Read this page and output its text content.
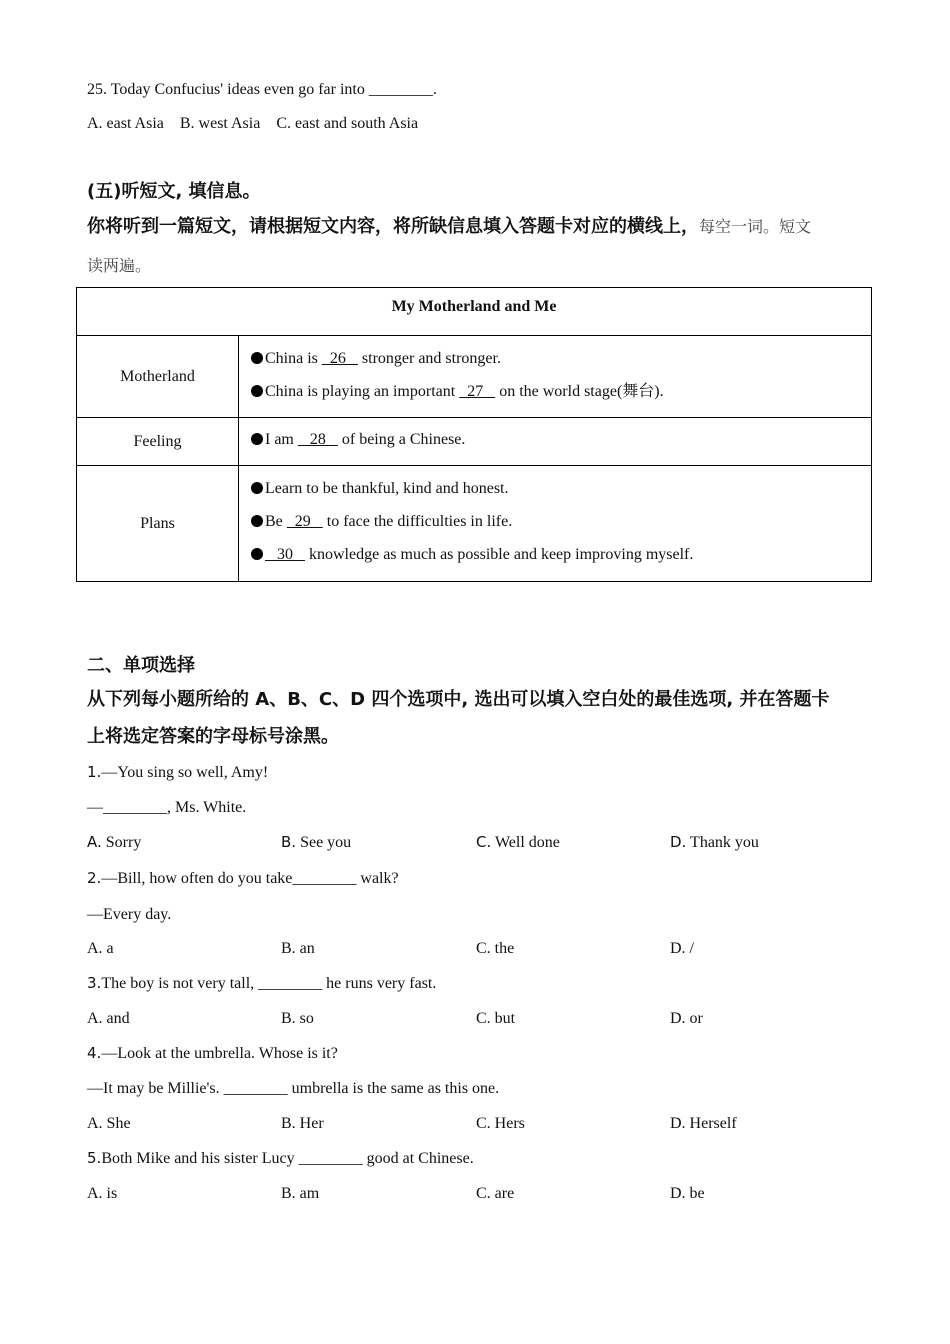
25. Today Confucius' ideas even go far into ________.
A. east Asia    B. west Asia    C. east and south Asia
(五)听短文, 填信息。
你将听到一篇短文，请根据短文内容，将所缺信息填入答题卡对应的横线上，每空一词。短文
读两遍。
My Motherland and Me	
Motherland	China is   26    stronger and stronger.
China is playing an important   27    on the world stage(舞台).

Feeling	I am    28    of being a Chinese.

Plans	Learn to be thankful, kind and honest.
Be   29    to face the difficulties in life.
30    knowledge as much as possible and keep improving myself.
二、单项选择
从下列每小题所给的 A、B、C、D 四个选项中, 选出可以填入空白处的最佳选项, 并在答题卡
上将选定答案的字母标号涂黑。
1.—You sing so well, Amy!
—________, Ms. White.
A. Sorry	B. See you	C. Well done	D. Thank you
2.—Bill, how often do you take________ walk?
—Every day.
A. a	B. an	C. the	D. /
3.The boy is not very tall, ________ he runs very fast.
A. and	B. so	C. but	D. or
4.—Look at the umbrella. Whose is it?
—It may be Millie's. ________ umbrella is the same as this one.
A. She	B. Her	C. Hers	D. Herself
5.Both Mike and his sister Lucy ________ good at Chinese.
A. is	B. am	C. are	D. be
